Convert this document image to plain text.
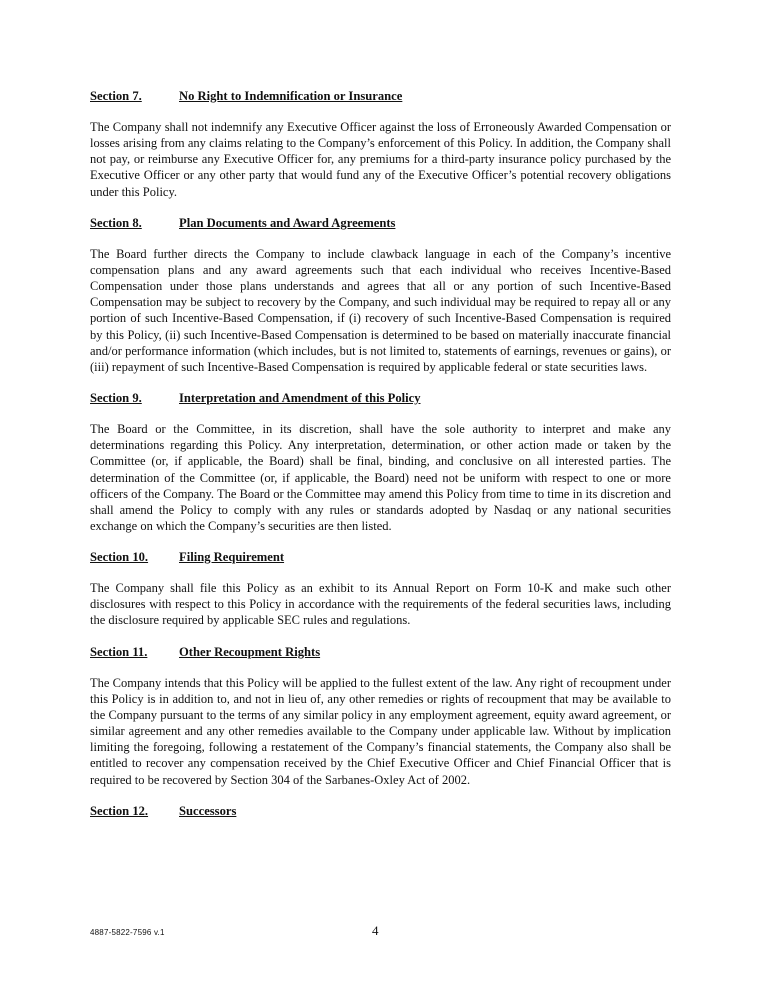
Section 7.	No Right to Indemnification or Insurance

The Company shall not indemnify any Executive Officer against the loss of Erroneously Awarded Compensation or losses arising from any claims relating to the Company’s enforcement of this Policy. In addition, the Company shall not pay, or reimburse any Executive Officer for, any premiums for a third-party insurance policy purchased by the Executive Officer or any other party that would fund any of the Executive Officer’s potential recovery obligations under this Policy.

Section 8.	Plan Documents and Award Agreements

The Board further directs the Company to include clawback language in each of the Company’s incentive compensation plans and any award agreements such that each individual who receives Incentive-Based Compensation under those plans understands and agrees that all or any portion of such Incentive-Based Compensation may be subject to recovery by the Company, and such individual may be required to repay all or any portion of such Incentive-Based Compensation, if (i) recovery of such Incentive-Based Compensation is required by this Policy, (ii) such Incentive-Based Compensation is determined to be based on materially inaccurate financial and/or performance information (which includes, but is not limited to, statements of earnings, revenues or gains), or (iii) repayment of such Incentive-Based Compensation is required by applicable federal or state securities laws.

Section 9.	Interpretation and Amendment of this Policy

The Board or the Committee, in its discretion, shall have the sole authority to interpret and make any determinations regarding this Policy. Any interpretation, determination, or other action made or taken by the Committee (or, if applicable, the Board) shall be final, binding, and conclusive on all interested parties. The determination of the Committee (or, if applicable, the Board) need not be uniform with respect to one or more officers of the Company. The Board or the Committee may amend this Policy from time to time in its discretion and shall amend the Policy to comply with any rules or standards adopted by Nasdaq or any national securities exchange on which the Company’s securities are then listed.

Section 10. Filing Requirement

The Company shall file this Policy as an exhibit to its Annual Report on Form 10-K and make such other disclosures with respect to this Policy in accordance with the requirements of the federal securities laws, including the disclosure required by applicable SEC rules and regulations.

Section 11.	Other Recoupment Rights

The Company intends that this Policy will be applied to the fullest extent of the law. Any right of recoupment under this Policy is in addition to, and not in lieu of, any other remedies or rights of recoupment that may be available to the Company pursuant to the terms of any similar policy in any employment agreement, equity award agreement, or similar agreement and any other remedies available to the Company under applicable law. Without by implication limiting the foregoing, following a restatement of the Company’s financial statements, the Company also shall be entitled to recover any compensation received by the Chief Executive Officer and Chief Financial Officer that is required to be recovered by Section 304 of the Sarbanes-Oxley Act of 2002.

Section 12. Successors
4887-5822-7596 v.1	4
